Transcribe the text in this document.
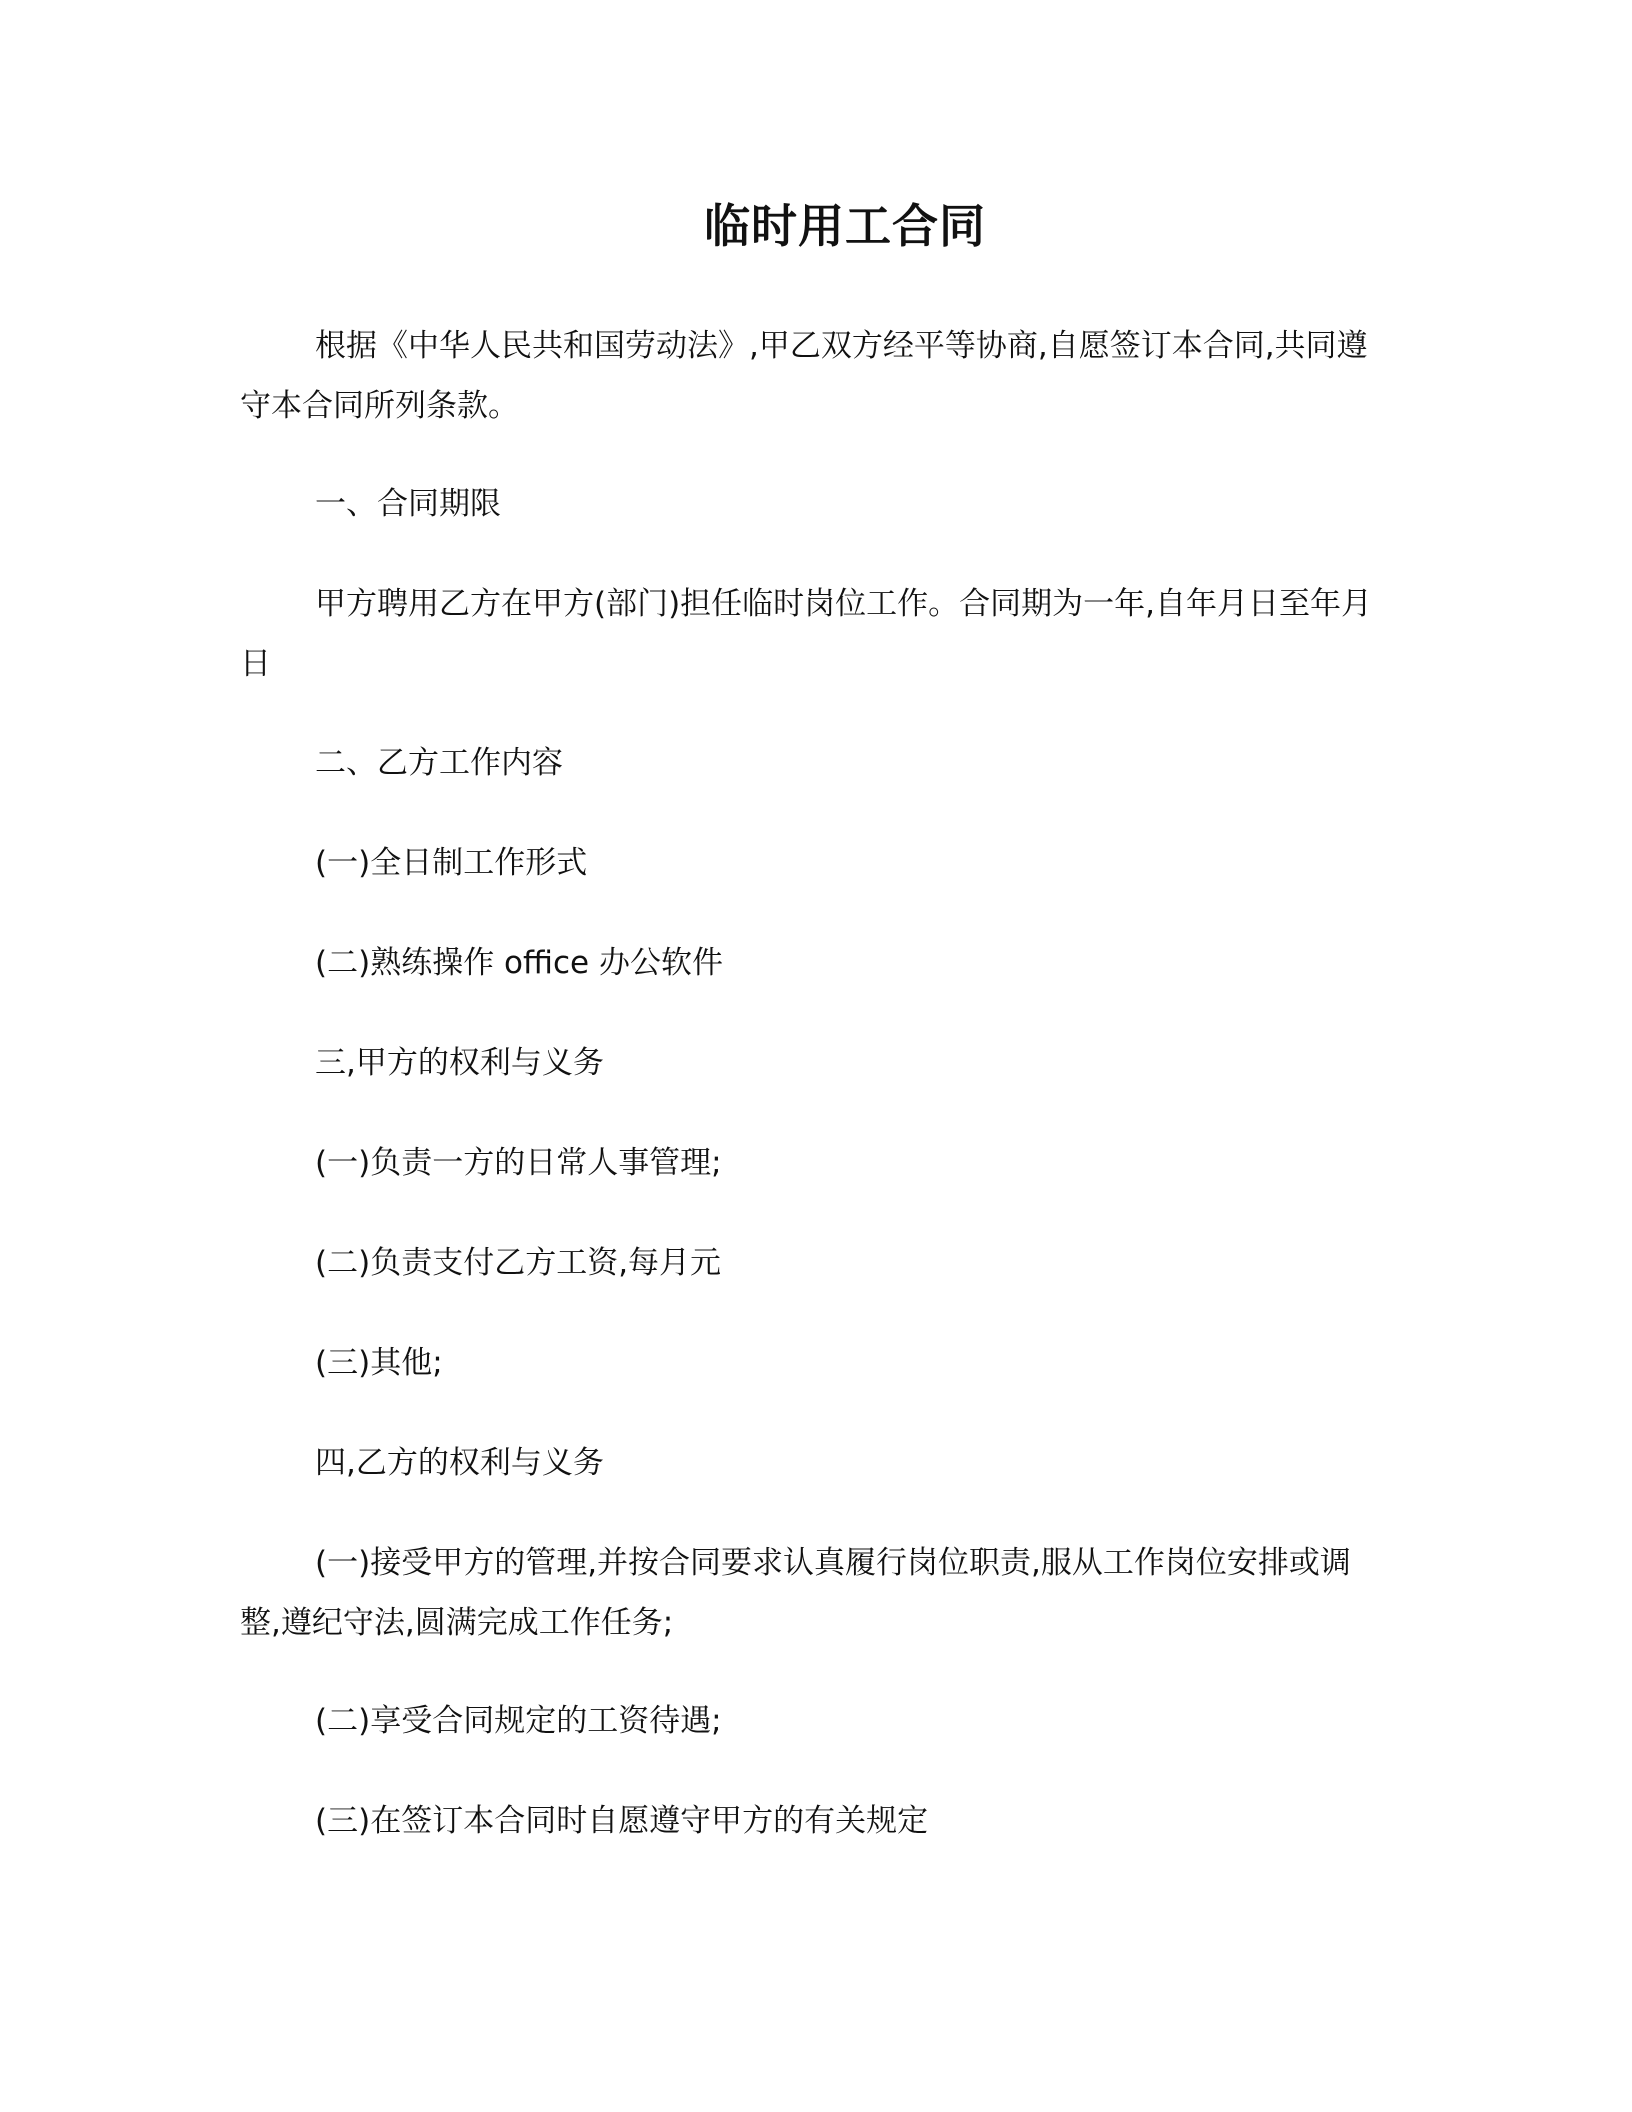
临时用工合同

根据《中华人民共和国劳动法》,甲乙双方经平等协商,自愿签订本合同,共同遵守本合同所列条款。

一、合同期限

甲方聘用乙方在甲方(部门)担任临时岗位工作。合同期为一年,自年月日至年月日

二、乙方工作内容

(一)全日制工作形式

(二)熟练操作 office 办公软件

三,甲方的权利与义务

(一)负责一方的日常人事管理;

(二)负责支付乙方工资,每月元

(三)其他;

四,乙方的权利与义务

(一)接受甲方的管理,并按合同要求认真履行岗位职责,服从工作岗位安排或调整,遵纪守法,圆满完成工作任务;

(二)享受合同规定的工资待遇;

(三)在签订本合同时自愿遵守甲方的有关规定
